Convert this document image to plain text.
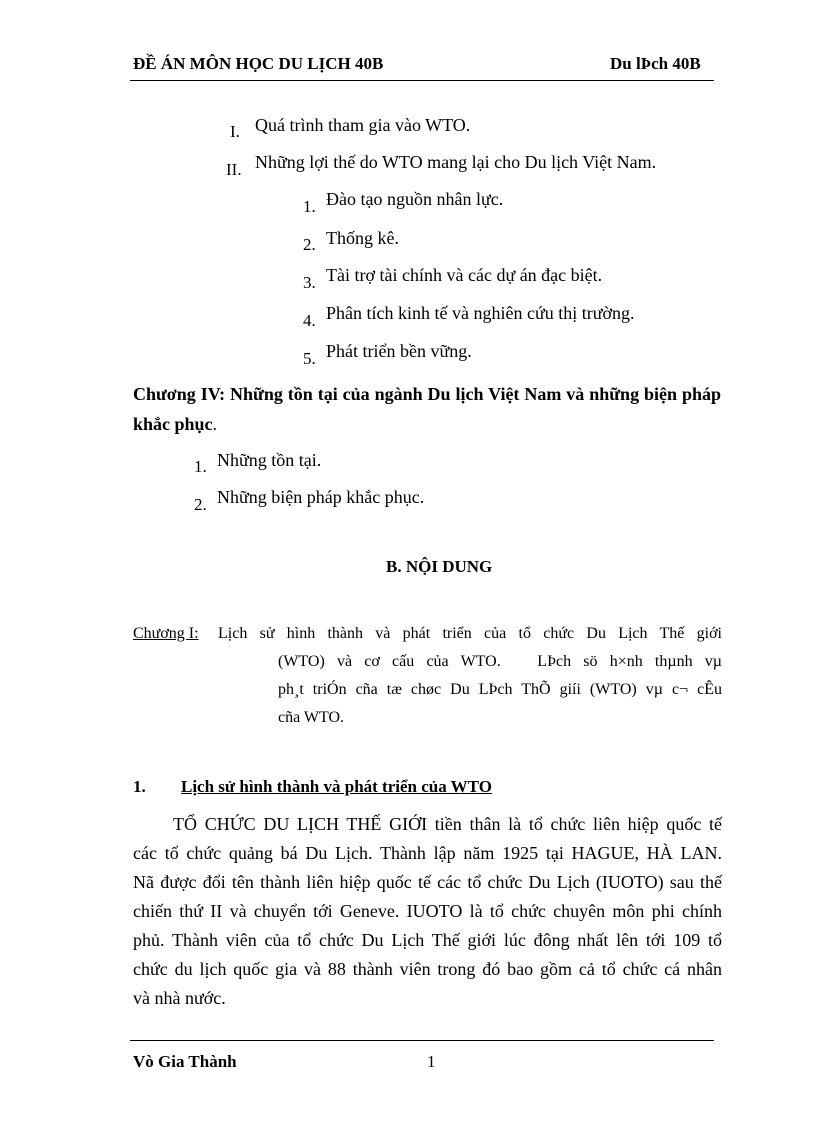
ĐỀ ÁN MÔN HỌC DU LỊCH 40B	Du lÞch 40B
I. Quá trình tham gia vào WTO.
II. Những lợi thế do WTO mang lại cho Du lịch Việt Nam.
1. Đào tạo nguồn nhân lực.
2. Thống kê.
3. Tài trợ tài chính và các dự án đạc biệt.
4. Phân tích kinh tế và nghiên cứu thị trường.
5. Phát triển bền vững.
Chương IV: Những tồn tại của ngành Du lịch Việt Nam và những biện pháp khắc phục.
1. Những tồn tại.
2. Những biện pháp khắc phục.
B. NỘI DUNG
Chương I: Lịch sử hình thành và phát triển của tổ chức Du Lịch Thế giới
(WTO) và cơ cấu của WTO.   LÞch sö h×nh thµnh vµ
ph¸t triÓn cña tæ chøc Du LÞch ThÕ giíi (WTO) vµ c¬ cÊu
cña WTO.
1. Lịch sử hình thành và phát triển của WTO
TỔ CHỨC DU LỊCH THẾ GIỚI tiền thân là tổ chức liên hiệp quốc tế
các tổ chức quảng bá Du Lịch. Thành lập năm 1925 tại HAGUE, HÀ LAN.
Nã được đổi tên thành liên hiệp quốc tế các tổ chức Du Lịch (IUOTO) sau thế
chiến thứ II và chuyển tới Geneve. IUOTO là tổ chức chuyên môn phi chính
phủ. Thành viên của tổ chức Du Lịch Thế giới lúc đông nhất lên tới 109 tổ
chức du lịch quốc gia và 88 thành viên trong đó bao gồm cả tổ chức cá nhân
và nhà nước.
Vò Gia Thành	1
